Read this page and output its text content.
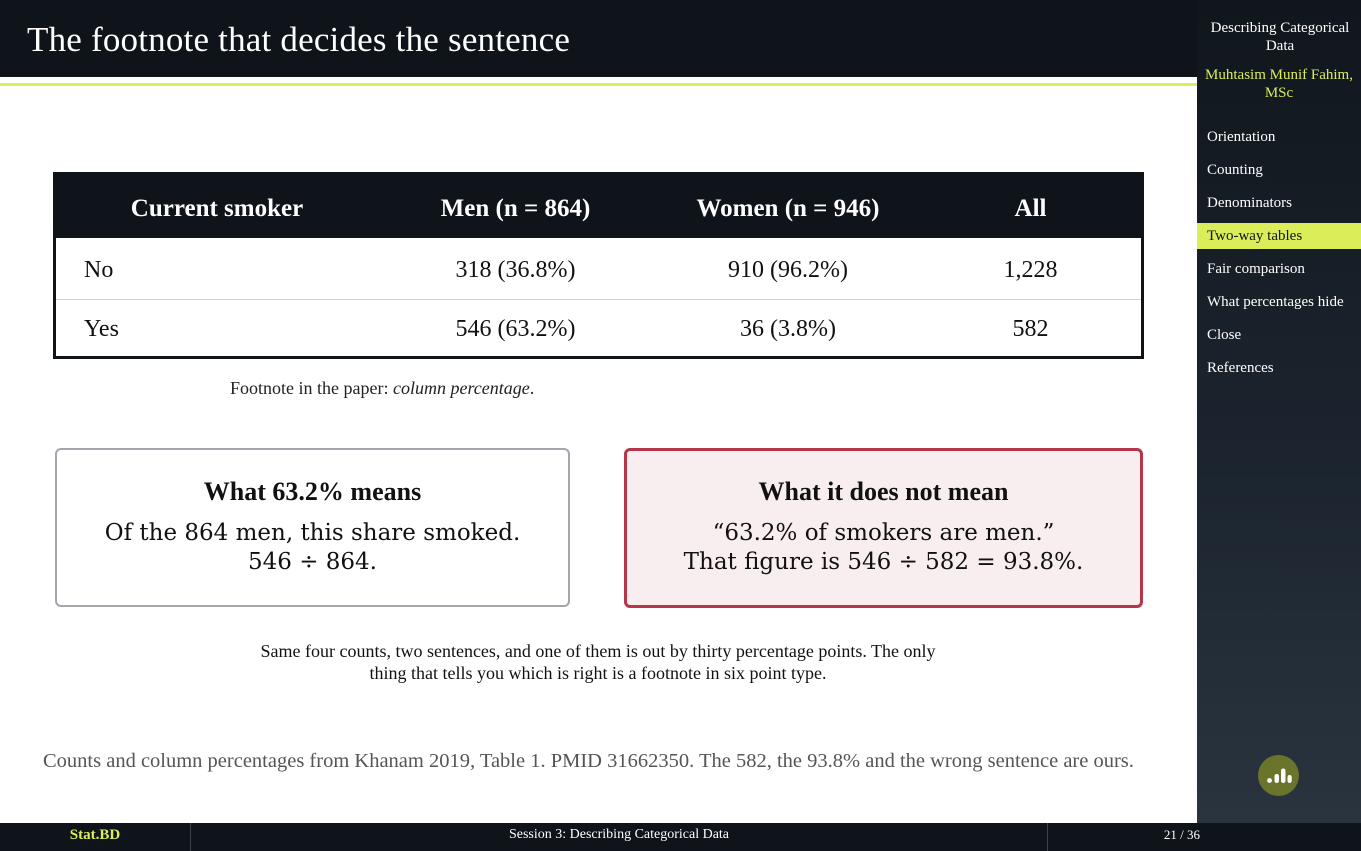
The footnote that decides the sentence
Current smoker	Men (n = 864)	Women (n = 946)	All
No	318 (36.8%)	910 (96.2%)	1,228
Yes	546 (63.2%)	36 (3.8%)	582
Footnote in the paper: column percentage.
What 63.2% means
Of the 864 men, this share smoked.
546 ÷ 864.
What it does not mean
“63.2% of smokers are men.”
That figure is 546 ÷ 582 = 93.8%.
Same four counts, two sentences, and one of them is out by thirty percentage points. The only thing that tells you which is right is a footnote in six point type.
Counts and column percentages from Khanam 2019, Table 1. PMID 31662350. The 582, the 93.8% and the wrong sentence are ours.
Describing Categorical Data
Muhtasim Munif Fahim, MSc
Orientation
Counting
Denominators
Two-way tables
Fair comparison
What percentages hide
Close
References
Stat.BD	Session 3: Describing Categorical Data	21 / 36
